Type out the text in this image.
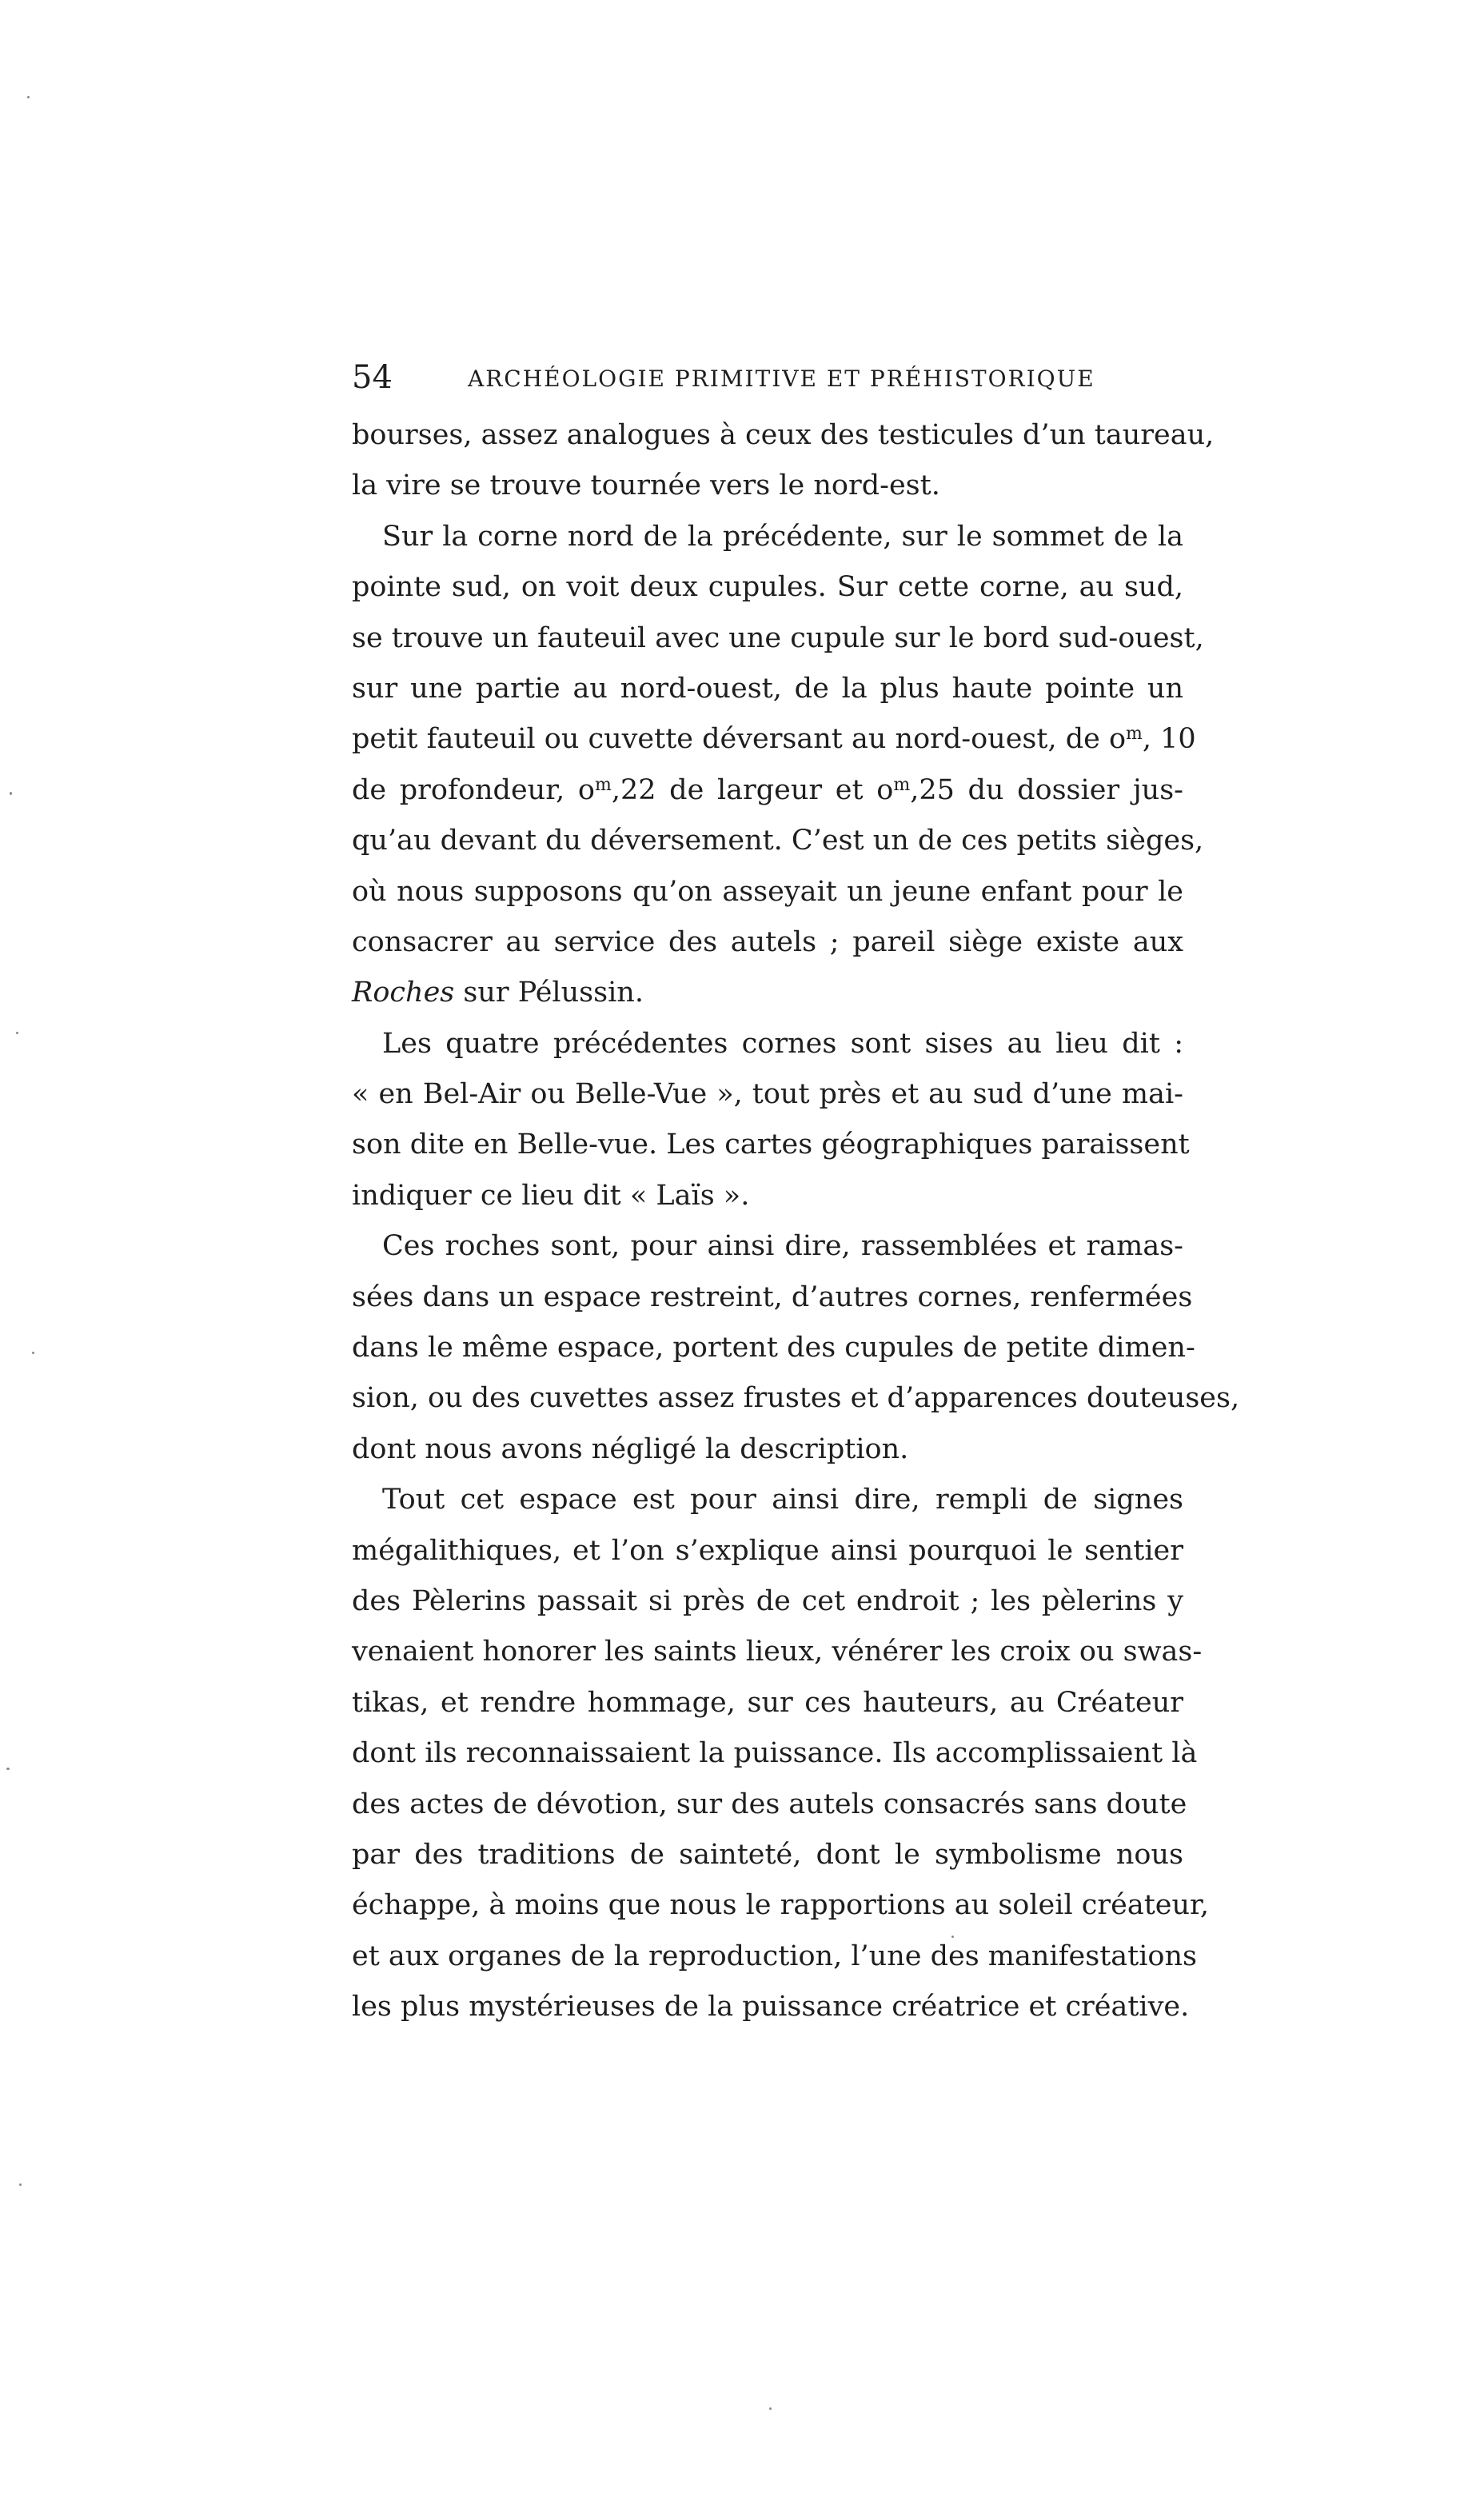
54	ARCHÉOLOGIE PRIMITIVE ET PRÉHISTORIQUE
bourses, assez analogues à ceux des testicules d’un taureau,
la vire se trouve tournée vers le nord-est.
Sur la corne nord de la précédente, sur le sommet de la
pointe sud, on voit deux cupules. Sur cette corne, au sud,
se trouve un fauteuil avec une cupule sur le bord sud-ouest,
sur une partie au nord-ouest, de la plus haute pointe un
petit fauteuil ou cuvette déversant au nord-ouest, de $o^m$, 10
de profondeur, $o^m,22$ de largeur et $o^m,25$ du dossier jus-
qu’au devant du déversement. C’est un de ces petits sièges,
où nous supposons qu’on asseyait un jeune enfant pour le
consacrer au service des autels ; pareil siège existe aux
Roches sur Pélussin.
Les quatre précédentes cornes sont sises au lieu dit :
« en Bel-Air ou Belle-Vue », tout près et au sud d’une mai-
son dite en Belle-vue. Les cartes géographiques paraissent
indiquer ce lieu dit « Laïs ».
Ces roches sont, pour ainsi dire, rassemblées et ramas-
sées dans un espace restreint, d’autres cornes, renfermées
dans le même espace, portent des cupules de petite dimen-
sion, ou des cuvettes assez frustes et d’apparences douteuses,
dont nous avons négligé la description.
Tout cet espace est pour ainsi dire, rempli de signes
mégalithiques, et l’on s’explique ainsi pourquoi le sentier
des Pèlerins passait si près de cet endroit ; les pèlerins y
venaient honorer les saints lieux, vénérer les croix ou swas-
tikas, et rendre hommage, sur ces hauteurs, au Créateur
dont ils reconnaissaient la puissance. Ils accomplissaient là
des actes de dévotion, sur des autels consacrés sans doute
par des traditions de sainteté, dont le symbolisme nous
échappe, à moins que nous le rapportions au soleil créateur,
et aux organes de la reproduction, l’une des manifestations
les plus mystérieuses de la puissance créatrice et créative.
